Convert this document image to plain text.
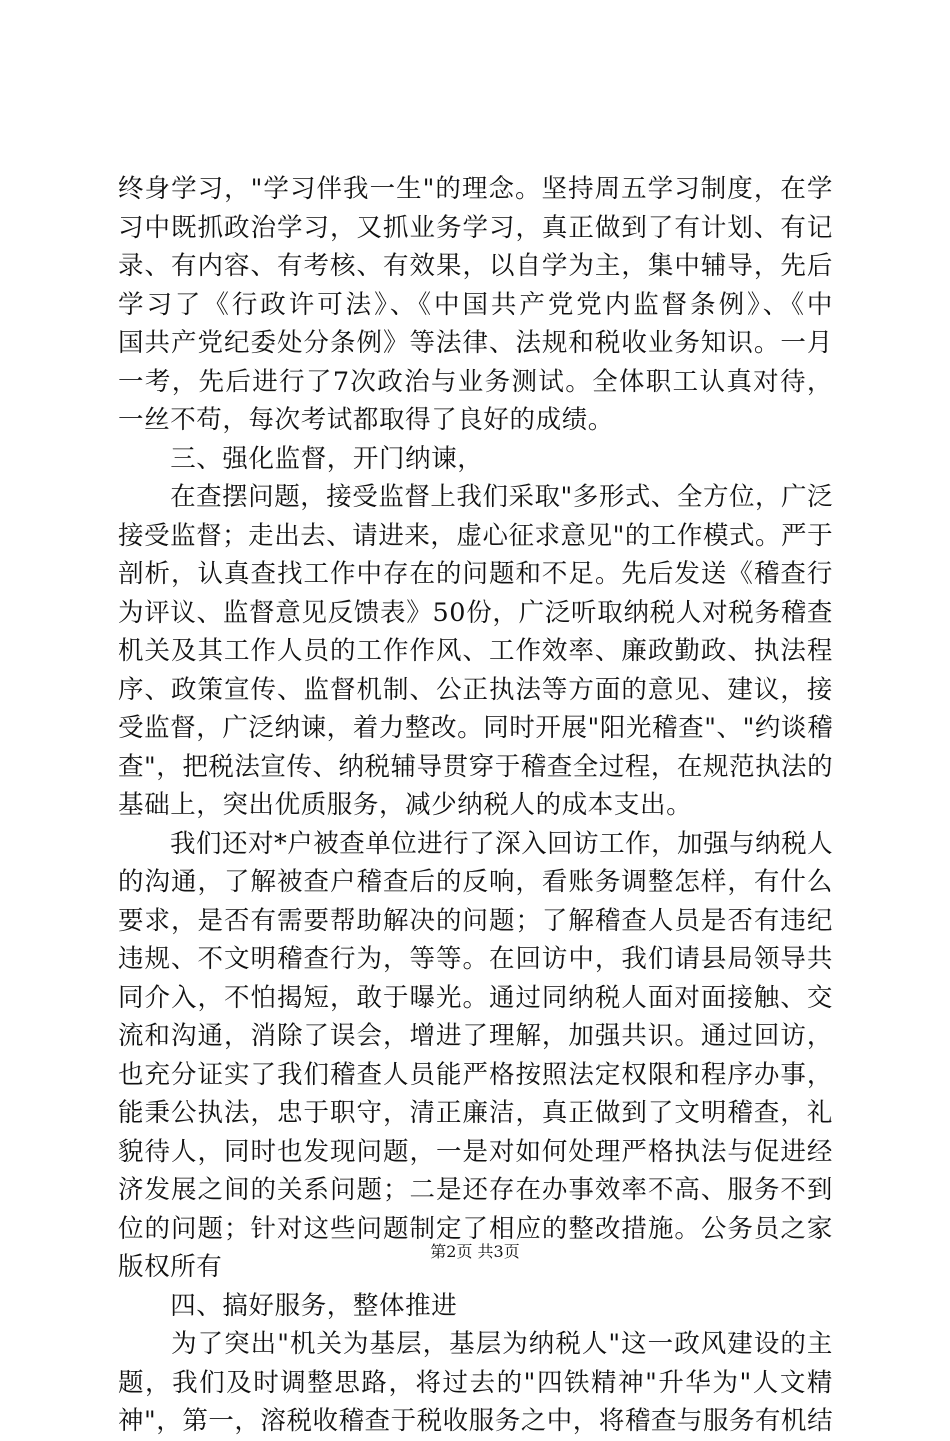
终身学习，"学习伴我一生"的理念。坚持周五学习制度，在学
习中既抓政治学习，又抓业务学习，真正做到了有计划、有记
录、有内容、有考核、有效果，以自学为主，集中辅导，先后
学习了《行政许可法》、《中国共产党党内监督条例》、《中
国共产党纪委处分条例》等法律、法规和税收业务知识。一月
一考，先后进行了7次政治与业务测试。全体职工认真对待，
一丝不苟，每次考试都取得了良好的成绩。
　　三、强化监督，开门纳谏，
　　在查摆问题，接受监督上我们采取"多形式、全方位，广泛
接受监督；走出去、请进来，虚心征求意见"的工作模式。严于
剖析，认真查找工作中存在的问题和不足。先后发送《稽查行
为评议、监督意见反馈表》50份，广泛听取纳税人对税务稽查
机关及其工作人员的工作作风、工作效率、廉政勤政、执法程
序、政策宣传、监督机制、公正执法等方面的意见、建议，接
受监督，广泛纳谏，着力整改。同时开展"阳光稽查"、"约谈稽
查"，把税法宣传、纳税辅导贯穿于稽查全过程，在规范执法的
基础上，突出优质服务，减少纳税人的成本支出。
　　我们还对*户被查单位进行了深入回访工作，加强与纳税人
的沟通，了解被查户稽查后的反响，看账务调整怎样，有什么
要求，是否有需要帮助解决的问题；了解稽查人员是否有违纪
违规、不文明稽查行为，等等。在回访中，我们请县局领导共
同介入，不怕揭短，敢于曝光。通过同纳税人面对面接触、交
流和沟通，消除了误会，增进了理解，加强共识。通过回访，
也充分证实了我们稽查人员能严格按照法定权限和程序办事，
能秉公执法，忠于职守，清正廉洁，真正做到了文明稽查，礼
貌待人，同时也发现问题，一是对如何处理严格执法与促进经
济发展之间的关系问题；二是还存在办事效率不高、服务不到
位的问题；针对这些问题制定了相应的整改措施。公务员之家
版权所有
　　四、搞好服务，整体推进
　　为了突出"机关为基层，基层为纳税人"这一政风建设的主
题，我们及时调整思路，将过去的"四铁精神"升华为"人文精
神"，第一，溶税收稽查于税收服务之中，将稽查与服务有机结
第2页 共3页
